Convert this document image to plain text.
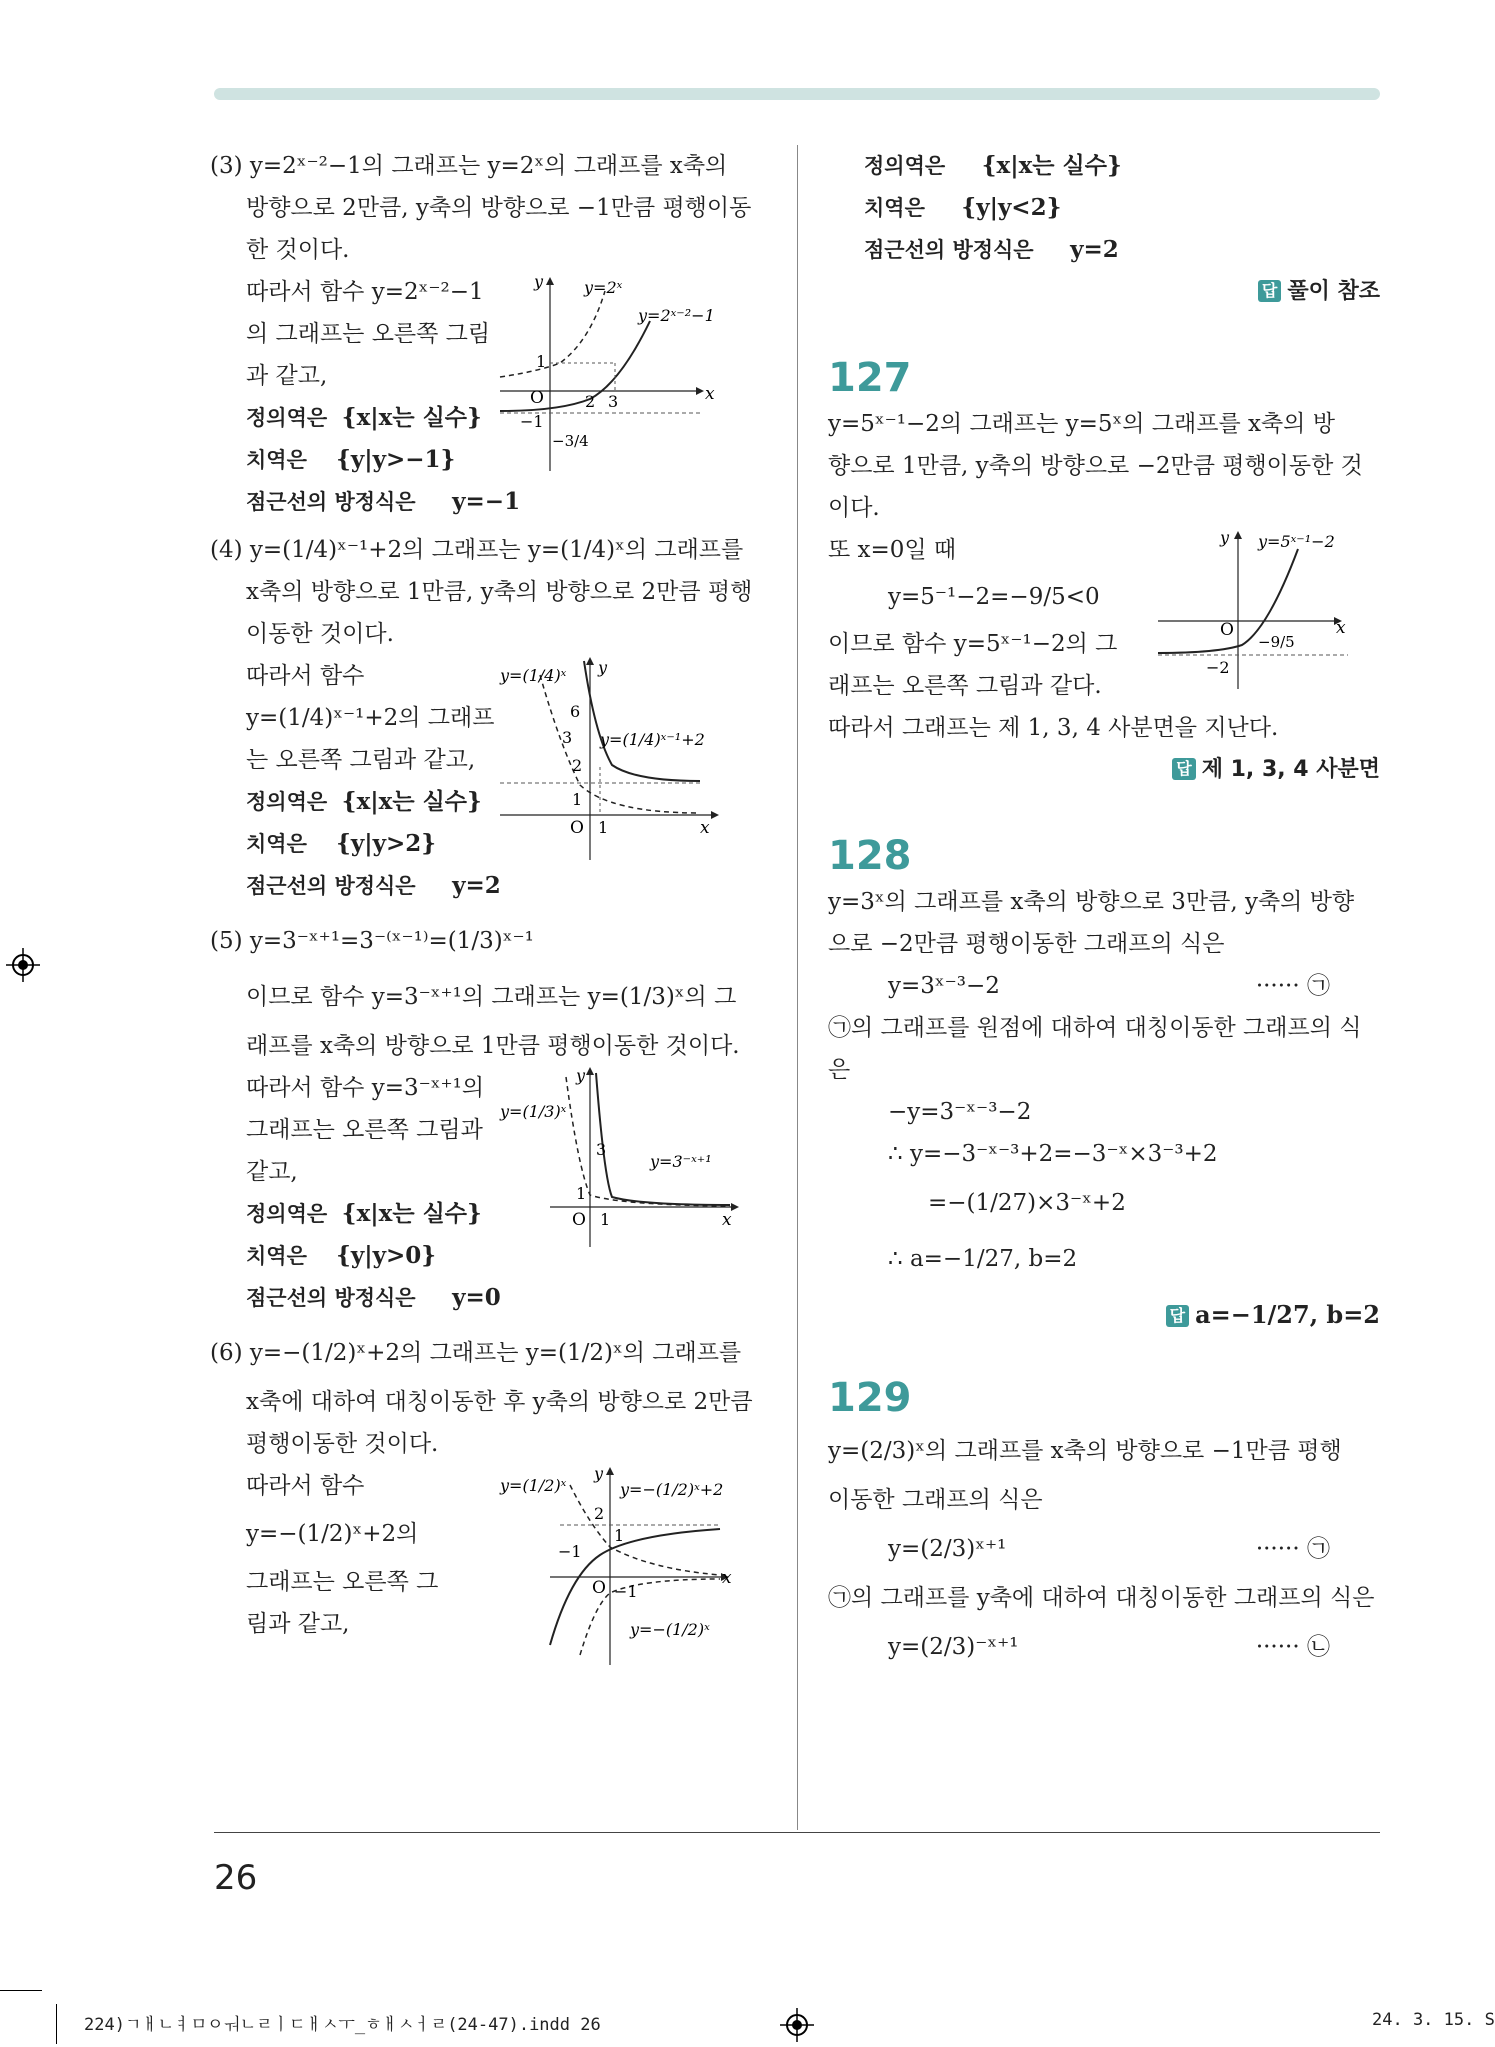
(3) y=2ˣ⁻²−1의 그래프는 y=2ˣ의 그래프를 x축의
방향으로 2만큼, y축의 방향으로 −1만큼 평행이동
한 것이다.
따라서 함수 y=2ˣ⁻²−1
의 그래프는 오른쪽 그림
과 같고,
정의역은 {x|x는 실수}
치역은 {y|y>−1}
점근선의 방정식은 y=−1
1
O	2 3
−1
−3/4
x
y	y=2ˣ
y=2ˣ⁻²−1
(4) y=(1/4)ˣ⁻¹+2의 그래프는 y=(1/4)ˣ의 그래프를
x축의 방향으로 1만큼, y축의 방향으로 2만큼 평행
이동한 것이다.
따라서 함수
y=(1/4)ˣ⁻¹+2의 그래프
는 오른쪽 그림과 같고,
정의역은 {x|x는 실수}
치역은 {y|y>2}
점근선의 방정식은 y=2
6
3
2
1
O 1	x
y
y=(1/4)ˣ
y=(1/4)ˣ⁻¹+2
(5) y=3⁻ˣ⁺¹=3⁻⁽ˣ⁻¹⁾=(1/3)ˣ⁻¹
이므로 함수 y=3⁻ˣ⁺¹의 그래프는 y=(1/3)ˣ의 그
래프를 x축의 방향으로 1만큼 평행이동한 것이다.
따라서 함수 y=3⁻ˣ⁺¹의
그래프는 오른쪽 그림과
같고,
정의역은 {x|x는 실수}
치역은 {y|y>0}
점근선의 방정식은 y=0
3
1
O 1	x
y
y=(1/3)ˣ
y=3⁻ˣ⁺¹
(6) y=−(1/2)ˣ+2의 그래프는 y=(1/2)ˣ의 그래프를
x축에 대하여 대칭이동한 후 y축의 방향으로 2만큼
평행이동한 것이다.
따라서 함수
y=−(1/2)ˣ+2의
그래프는 오른쪽 그
림과 같고,
2
1
−1
O −1
x
y
y=(1/2)ˣ	y=−(1/2)ˣ+2
y=−(1/2)ˣ
정의역은 {x|x는 실수}
치역은 {y|y<2}
점근선의 방정식은 y=2
답 풀이 참조
127
y=5ˣ⁻¹−2의 그래프는 y=5ˣ의 그래프를 x축의 방
향으로 1만큼, y축의 방향으로 −2만큼 평행이동한 것
이다.
또 x=0일 때
y=5⁻¹−2=−9/5<0
이므로 함수 y=5ˣ⁻¹−2의 그
래프는 오른쪽 그림과 같다.
O
−2
−9/5
x
y y=5ˣ⁻¹−2
따라서 그래프는 제 1, 3, 4 사분면을 지난다.
답 제 1, 3, 4 사분면
128
y=3ˣ의 그래프를 x축의 방향으로 3만큼, y축의 방향
으로 −2만큼 평행이동한 그래프의 식은
y=3ˣ⁻³−2	······ ㉠
㉠의 그래프를 원점에 대하여 대칭이동한 그래프의 식
은
−y=3⁻ˣ⁻³−2
∴ y=−3⁻ˣ⁻³+2=−3⁻ˣ×3⁻³+2
=−(1/27)×3⁻ˣ+2
∴ a=−1/27, b=2
답 a=−1/27, b=2
129
y=(2/3)ˣ의 그래프를 x축의 방향으로 −1만큼 평행
이동한 그래프의 식은
y=(2/3)ˣ⁺¹	······ ㉠
㉠의 그래프를 y축에 대하여 대칭이동한 그래프의 식은
y=(2/3)⁻ˣ⁺¹	······ ㉡
26
224)ㄱㅐㄴㅕㅁㅇㅝㄴㄹㅣㄷㅐㅅㅜ_ㅎㅐㅅㅓㄹ(24-47).indd 26	24. 3. 15. S
